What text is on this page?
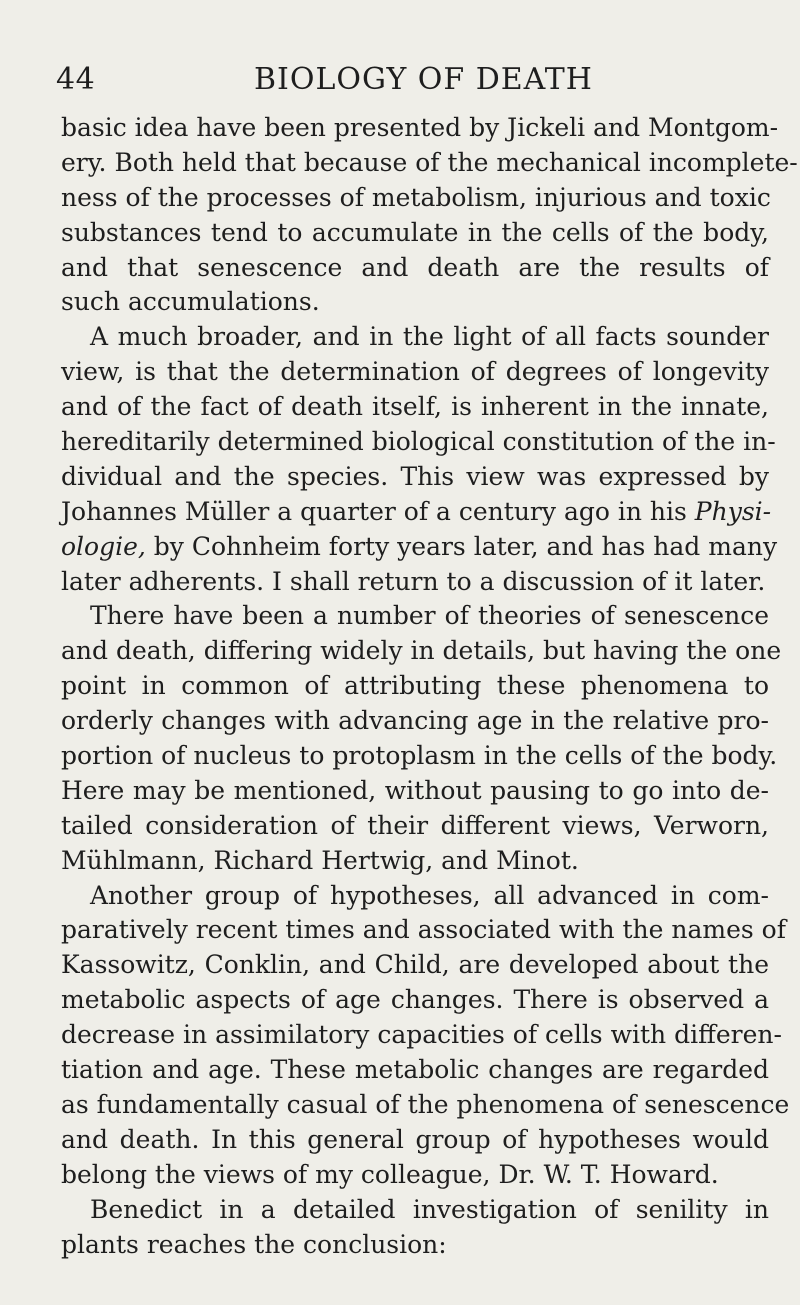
44	BIOLOGY OF DEATH
basic idea have been presented by Jickeli and Montgom-
ery. Both held that because of the mechanical incomplete-
ness of the processes of metabolism, injurious and toxic
substances tend to accumulate in the cells of the body,
and that senescence and death are the results of
such accumulations.
A much broader, and in the light of all facts sounder
view, is that the determination of degrees of longevity
and of the fact of death itself, is inherent in the innate,
hereditarily determined biological constitution of the in-
dividual and the species. This view was expressed by
Johannes Müller a quarter of a century ago in his Physi-
ologie, by Cohnheim forty years later, and has had many
later adherents. I shall return to a discussion of it later.
There have been a number of theories of senescence
and death, differing widely in details, but having the one
point in common of attributing these phenomena to
orderly changes with advancing age in the relative pro-
portion of nucleus to protoplasm in the cells of the body.
Here may be mentioned, without pausing to go into de-
tailed consideration of their different views, Verworn,
Mühlmann, Richard Hertwig, and Minot.
Another group of hypotheses, all advanced in com-
paratively recent times and associated with the names of
Kassowitz, Conklin, and Child, are developed about the
metabolic aspects of age changes. There is observed a
decrease in assimilatory capacities of cells with differen-
tiation and age. These metabolic changes are regarded
as fundamentally casual of the phenomena of senescence
and death. In this general group of hypotheses would
belong the views of my colleague, Dr. W. T. Howard.
Benedict in a detailed investigation of senility in
plants reaches the conclusion:
